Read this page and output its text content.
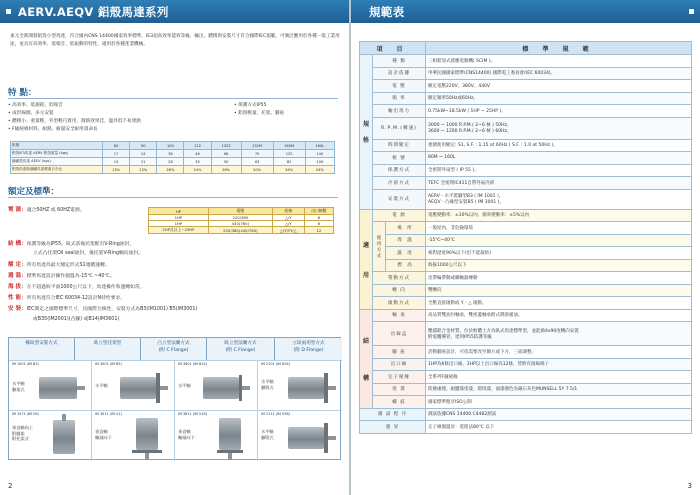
AERV.AEQV 鋁殼馬達系列
東元全新開發鋁殼小型馬達，符合國內CNS 14400國家效率標準，IE3超高效率能效等級，輸出、體積與安裝尺寸符合國際IEC規範，可廣泛應用於各種一般工業用途，並具有高效率、低噪音、低振動的特性，適用於各種產業機械。
特 點：
• 高效率、低損耗、低噪音
• 成形線圈、多元安裝
• 體積小、重量輕，外型輕巧實用，散熱效果佳，溫昇低不易發熱
• F級絕緣材料，耐熱、耐濕安全耐用壽命長
• 保護方式IP55
• 鋁殼輕量、托架、腳座
框號	80	90	100	112	132S	132M	160M	160L
鋁殼IE3馬達 AERV 鋁殼重量 (kgs)	17	24	38	46	68	79	125	140
鑄鐵殼馬達 AEEV (kgs)	15	21	28	35	50	63	82	106
鋁殼馬達較鑄鐵馬達輕重百分比	13%	13%	26%	24%	26%	20%	34%	24%
額定及標準：
電 源：適合50HZ 或 60HZ電源。	HP	電壓	結線	出口線數
1HP	220/380	△/Y	6
1HP	440(760)	△/Y	6
2HP及以上~25HP	220/380(440/760)	△/Y/YY/△	12
結 構：保護等級為IP55，臥式前後托架配有V-Ring油封，
立式凸托架Oil seal油封，後托架V-Ring軸向油封。
額 定：所有馬達為最大額定形式S1連續運轉。
週 溫：標準馬達設計操作週溫為-15℃ ~40℃。
海 拔：在不超過海平面1000公尺以下，馬達操作和運轉如常。
性 能：所有馬達符合IEC 60034-12設計N特性要求。
安 裝：IEC制定之國際標準尺寸，具國際互換性，安裝方式為B3(IM1001) B5(IM3001)
或B35(IM2001)(凸腳) 或B14(IM3601)
橫臥型安裝方式	臥立型托架型	凸立型法蘭方式
(附 C Flange)
臥立型法蘭方式
(附 C Flange)
立臥兩用型方式
(附 D Flange)
IM 1001 (IM B3)
水平軸
腳架式
IM 3001 (IM B5)
水平軸
IM 3601 (IM B14)
水平軸
IM 2101 (IM B34)
水平軸
腳附式
IM 1071 (IM V6)
垂直軸向上
附腳架
附托架式
IM 3011 (IM V1)
垂直軸
軸頭向下
IM 3611 (IM V18)
垂直軸
軸頭向下
IM 2111 (IM V58)
水平軸
腳附式
2
規範表
項 目			標 準 規 範
規

格	種 類		三相鋁殼式感應電動機( SCIM )。
	設計依據		申華民國國家標準(CNS14400) 國際電工委員會(IEC 60034)。
	電 壓		額定電壓220V、380V、440V
	頻 率		額定頻率50Hz或60Hz。
	輸出馬力		0.75kW~18.5kW ( 1HP ~ 25HP )。
	R.P.M.(轉速)		3000 ~ 1000 R.P.M.( 2~6 極 ) 50Hz。
3600 ~ 1200 R.P.M.( 2~6 極 ) 60Hz。
	時間額定		連續使用額定: S1, S.F. : 1.15 at 60Hz ( S.F. : 1.0 at 50Hz )。
	框 號		80M ~ 160L
	保護方式		全密閉外扇型 ( IP 55 )。
	冷卻方式		TEFC 全密閉IC411自帶外扇冷卻
	安裝方式		AERV - 水平裝腳型B3 ( IM 1001 )。
AEQV - 凸緣型安裝B5 ( IM 3001 )。
適

用	電 源		電壓變動率：±10%以內，頻率變動率：±5%以內
	使
用
方
式	場 所	一般屋內，非危險環境
		周 溫	-15℃~40℃
		濕 度	相對溼度90%以下(但不能凝結)
		標 高	海拔1000公尺以下
	帶動方式		皮帶輪帶動或聯軸器傳動
	轉 向		雙轉向
	啟動方式		全壓直接啟動或 Y - △ 啟動。
結

構	軸 承		高品質雙油封軸承，雙密蓋軸承附式潤滑補油。
	出線盒		壓鑄鋁合金材質，位於框體上方為臥式馬達標準型，並能做4x90度轉向安裝
附電纜導管，達到IP55防護等級
	腳 座		活動腳座設計，可依需要改至側方或下方，三面調整。
	出口線		1HP為6條出口線，2HP以上出口線為12條，皆附有接線端子
	定子絕緣		全系列F級絕緣
	塗 裝		防塵處理，耐鹽霧塗漆，環境漆，面漆顏色為銀石灰色MUNSELL 5Y 7.5/1
	螺 紋		國家標準粗牙ISO公制
測 試 程 序			測試依據CNS 14400 C4482測試
運 昇			定子線圈溫昇：電阻法80℃ 以下
3
